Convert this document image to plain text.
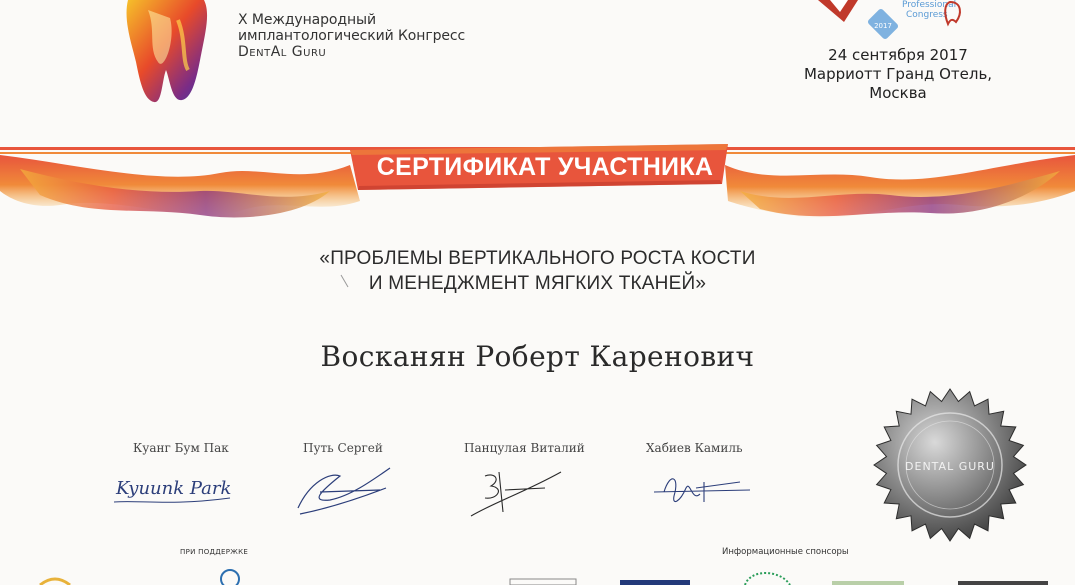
X Международный
имплантологический Конгресс
DentAl Guru
2017
Professional
Congress
24 сентября 2017
Марриотт Гранд Отель, Москва
СЕРТИФИКАТ УЧАСТНИКА
«ПРОБЛЕМЫ ВЕРТИКАЛЬНОГО РОСТА КОСТИ
И МЕНЕДЖМЕНТ МЯГКИХ ТКАНЕЙ»
Восканян Роберт Каренович
Куанг Бум Пак	Путь Сергей	Панцулая Виталий	Хабиев Камиль
Kyuunk Park
DENTAL GURU
ПРИ ПОДДЕРЖКЕ	Информационные спонсоры
